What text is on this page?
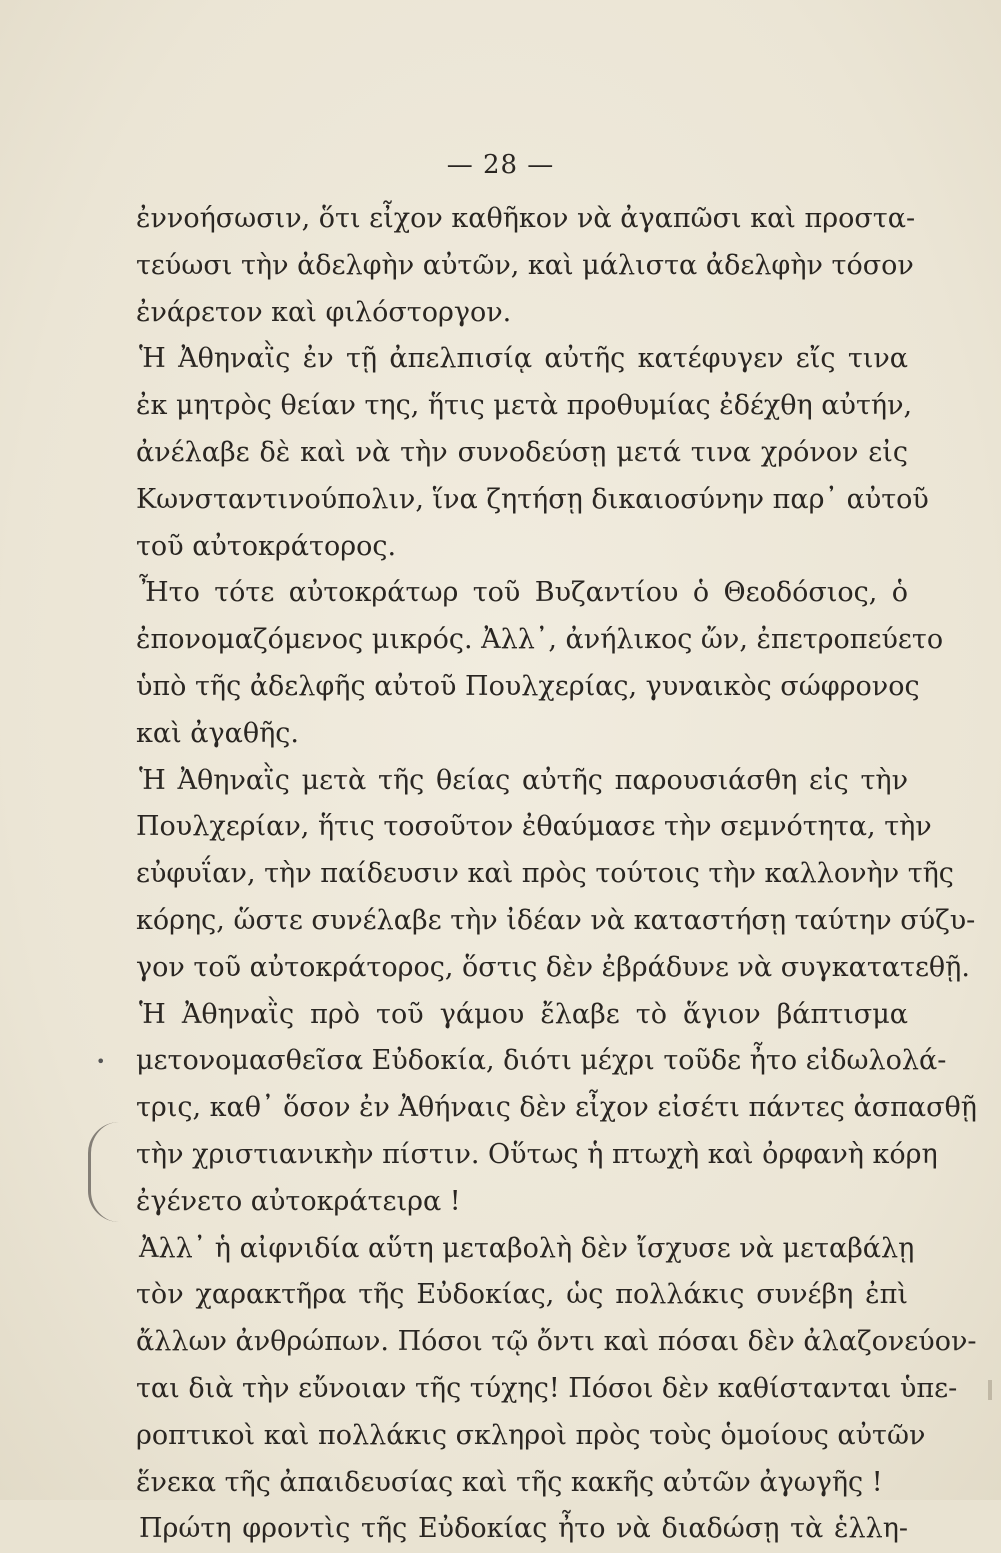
— 28 —
ἐννοήσωσιν, ὅτι εἶχον καθῆκον νὰ ἀγαπῶσι καὶ προστα-
τεύωσι τὴν ἀδελφὴν αὐτῶν, καὶ μάλιστα ἀδελφὴν τόσον
ἐνάρετον καὶ φιλόστοργον.
Ἡ Ἀθηναῒς ἐν τῇ ἀπελπισίᾳ αὐτῆς κατέφυγεν εἴς τινα
ἐκ μητρὸς θείαν της, ἥτις μετὰ προθυμίας ἐδέχθη αὐτήν,
ἀνέλαβε δὲ καὶ νὰ τὴν συνοδεύσῃ μετά τινα χρόνον εἰς
Κωνσταντινούπολιν, ἵνα ζητήσῃ δικαιοσύνην παρ᾽ αὐτοῦ
τοῦ αὐτοκράτορος.
Ἦτο τότε αὐτοκράτωρ τοῦ Βυζαντίου ὁ Θεοδόσιος, ὁ
ἐπονομαζόμενος μικρός. Ἀλλ᾽, ἀνήλικος ὤν, ἐπετροπεύετο
ὑπὸ τῆς ἀδελφῆς αὐτοῦ Πουλχερίας, γυναικὸς σώφρονος
καὶ ἀγαθῆς.
Ἡ Ἀθηναῒς μετὰ τῆς θείας αὐτῆς παρουσιάσθη εἰς τὴν
Πουλχερίαν, ἥτις τοσοῦτον ἐθαύμασε τὴν σεμνότητα, τὴν
εὐφυΐαν, τὴν παίδευσιν καὶ πρὸς τούτοις τὴν καλλονὴν τῆς
κόρης, ὥστε συνέλαβε τὴν ἰδέαν νὰ καταστήσῃ ταύτην σύζυ-
γον τοῦ αὐτοκράτορος, ὅστις δὲν ἐβράδυνε νὰ συγκατατεθῇ.
Ἡ Ἀθηναῒς πρὸ τοῦ γάμου ἔλαβε τὸ ἅγιον βάπτισμα
μετονομασθεῖσα Εὐδοκία, διότι μέχρι τοῦδε ἦτο εἰδωλολά-
τρις, καθ᾽ ὅσον ἐν Ἀθήναις δὲν εἶχον εἰσέτι πάντες ἀσπασθῇ
τὴν χριστιανικὴν πίστιν. Οὕτως ἡ πτωχὴ καὶ ὀρφανὴ κόρη
ἐγένετο αὐτοκράτειρα !
Ἀλλ᾽ ἡ αἰφνιδία αὕτη μεταβολὴ δὲν ἴσχυσε νὰ μεταβάλῃ
τὸν χαρακτῆρα τῆς Εὐδοκίας, ὡς πολλάκις συνέβη ἐπὶ
ἄλλων ἀνθρώπων. Πόσοι τῷ ὄντι καὶ πόσαι δὲν ἀλαζονεύον-
ται διὰ τὴν εὔνοιαν τῆς τύχης! Πόσοι δὲν καθίστανται ὑπε-
ροπτικοὶ καὶ πολλάκις σκληροὶ πρὸς τοὺς ὁμοίους αὐτῶν
ἕνεκα τῆς ἀπαιδευσίας καὶ τῆς κακῆς αὐτῶν ἀγωγῆς !
Πρώτη φροντὶς τῆς Εὐδοκίας ἦτο νὰ διαδώσῃ τὰ ἑλλη-
•
